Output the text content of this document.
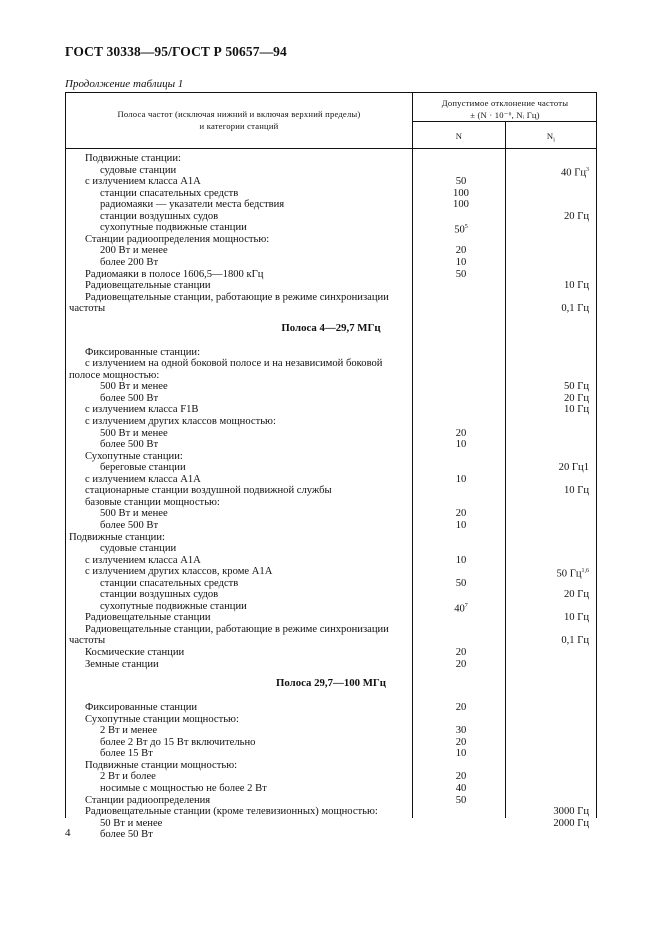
ГОСТ 30338—95/ГОСТ Р 50657—94
Продолжение таблицы 1
Полоса частот (исключая нижний и включая верхний пределы)
и категории станций
Допустимое отклонение частоты
± (N · 10⁻⁶, Nᵢ Гц)
N	$N_i$
Подвижные станции:
судовые станции	40 $Гц^3$
с излучением класса А1А	50
станции спасательных средств	100
радиомаяки — указатели места бедствия	100
станции воздушных судов	20 Гц
сухопутные подвижные станции	$50^5$
Станции радиоопределения мощностью:
200 Вт и менее	20
более 200 Вт	10
Радиомаяки в полосе 1606,5—1800 кГц	50
Радиовещательные станции	10 Гц
Радиовещательные станции, работающие в режиме синхронизации
частоты	0,1 Гц
Полоса 4—29,7 МГц
Фиксированные станции:
с излучением на одной боковой полосе и на независимой боковой
полосе мощностью:
500 Вт и менее	50 Гц
более 500 Вт	20 Гц
с излучением класса F1B	10 Гц
с излучением других классов мощностью:
500 Вт и менее	20
более 500 Вт	10
Сухопутные станции:
береговые станции	20 Гц1
с излучением класса А1А	10
стационарные станции воздушной подвижной службы	10 Гц
базовые станции мощностью:
500 Вт и менее	20
более 500 Вт	10
Подвижные станции:
судовые станции
с излучением класса А1А	10
с излучением других классов, кроме А1А	50 Гц$^{1,6}$
станции спасательных средств	50
станции воздушных судов	20 Гц
сухопутные подвижные станции	$40^7$
Радиовещательные станции	10 Гц
Радиовещательные станции, работающие в режиме синхронизации
частоты	0,1 Гц
Космические станции	20
Земные станции	20
Полоса 29,7—100 МГц
Фиксированные станции	20
Сухопутные станции мощностью:
2 Вт и менее	30
более 2 Вт до 15 Вт включительно	20
более 15 Вт	10
Подвижные станции мощностью:
2 Вт и более	20
носимые с мощностью не более 2 Вт	40
Станции радиоопределения	50
Радиовещательные станции (кроме телевизионных) мощностью:	3000 Гц
50 Вт и менее	2000 Гц
более 50 Вт
4
